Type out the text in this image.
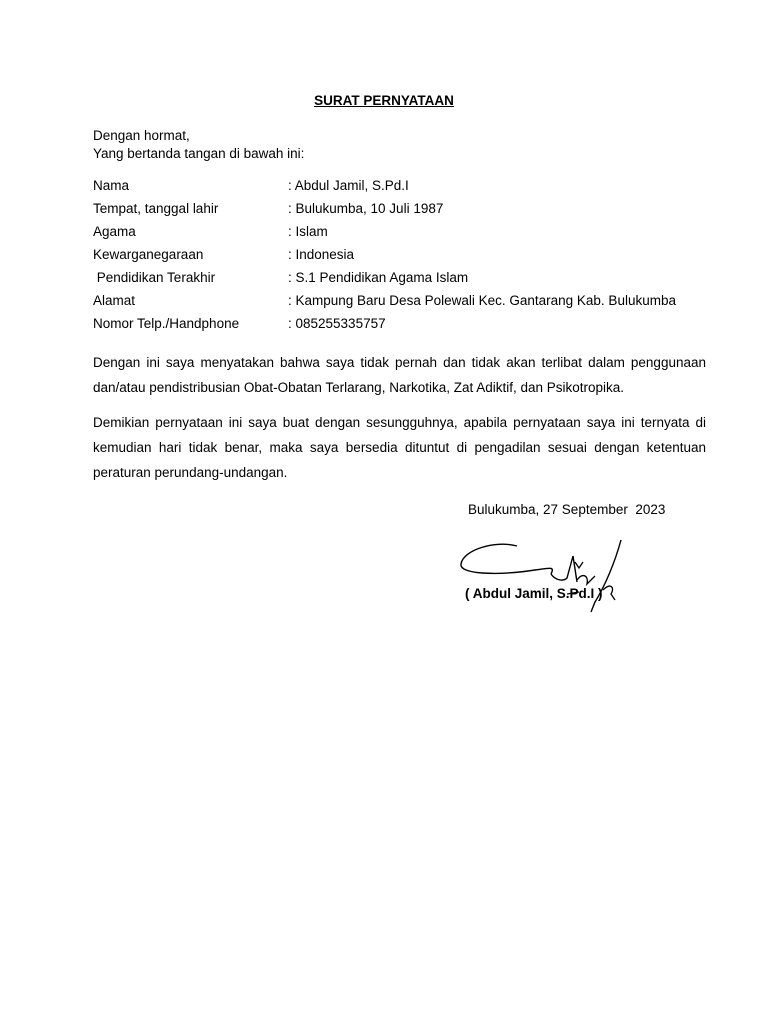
SURAT PERNYATAAN
Dengan hormat,
Yang bertanda tangan di bawah ini:
Nama	: Abdul Jamil, S.Pd.I
Tempat, tanggal lahir	: Bulukumba, 10 Juli 1987
Agama	: Islam
Kewarganegaraan	: Indonesia
Pendidikan Terakhir	: S.1 Pendidikan Agama Islam
Alamat	: Kampung Baru Desa Polewali Kec. Gantarang Kab. Bulukumba
Nomor Telp./Handphone	: 085255335757
Dengan ini saya menyatakan bahwa saya tidak pernah dan tidak akan terlibat dalam penggunaan dan/atau pendistribusian Obat-Obatan Terlarang, Narkotika, Zat Adiktif, dan Psikotropika.
Demikian pernyataan ini saya buat dengan sesungguhnya, apabila pernyataan saya ini ternyata di kemudian hari tidak benar, maka saya bersedia dituntut di pengadilan sesuai dengan ketentuan peraturan perundang-undangan.
Bulukumba, 27 September  2023
( Abdul Jamil, S.Pd.I )
